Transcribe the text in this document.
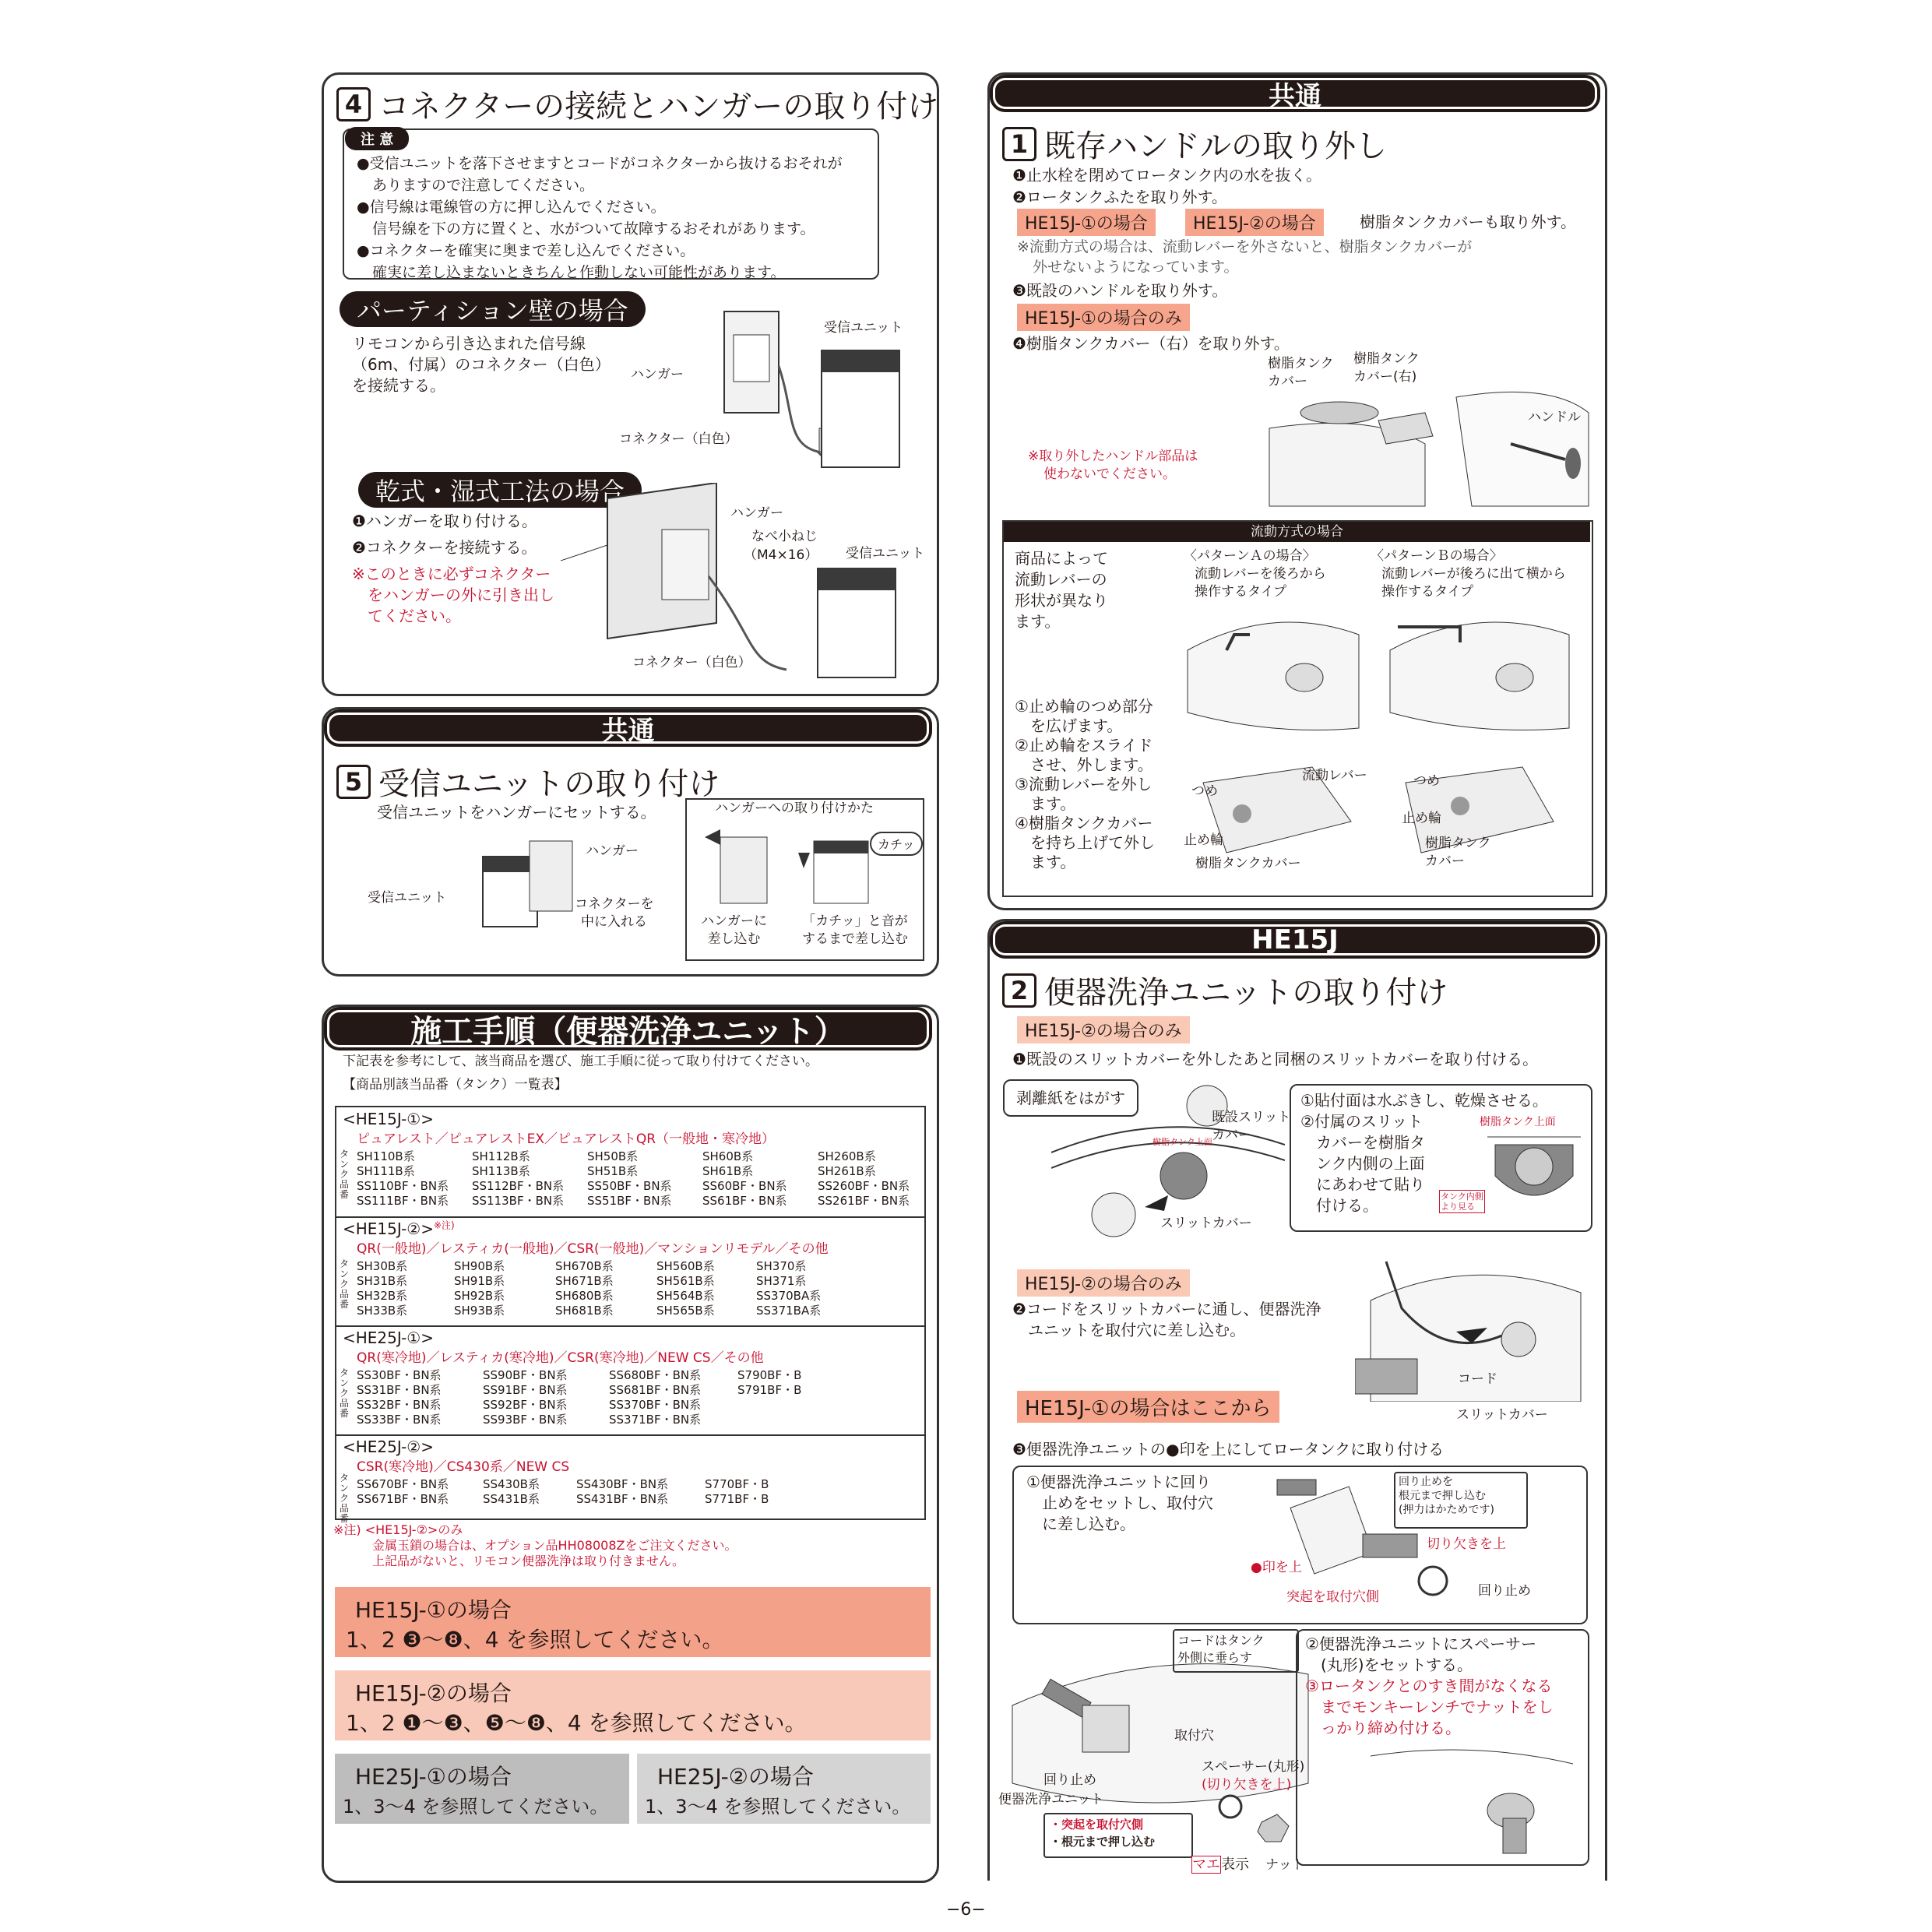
4 コネクターの接続とハンガーの取り付け
注 意
●受信ユニットを落下させますとコードがコネクターから抜けるおそれが
ありますので注意してください。
●信号線は電線管の方に押し込んでください。
信号線を下の方に置くと、水がついて故障するおそれがあります。
●コネクターを確実に奥まで差し込んでください。
確実に差し込まないときちんと作動しない可能性があります。
パーティション壁の場合
リモコンから引き込まれた信号線
（6m、付属）のコネクター（白色）
を接続する。
受信ユニット
ハンガー
コネクター（白色）
乾式・湿式工法の場合
❶ハンガーを取り付ける。
❷コネクターを接続する。
※このときに必ずコネクター
をハンガーの外に引き出し
てください。
ハンガー
なべ小ねじ
（M4×16） 受信ユニット
コネクター（白色）
共通
5 受信ユニットの取り付け
受信ユニットをハンガーにセットする。
ハンガー
受信ユニット	コネクターを
中に入れる
ハンガーへの取り付けかた
カチッ
ハンガーに
差し込む
「カチッ」と音が
するまで差し込む
施工手順（便器洗浄ユニット）
下記表を参考にして、該当商品を選び、施工手順に従って取り付けてください。
【商品別該当品番（タンク）一覧表】
<HE15J-①>
ピュアレスト／ピュアレストEX／ピュアレストQR（一般地・寒冷地）
タンク品番
SH110B系	SH112B系	SH50B系	SH60B系	SH260B系
SH111B系	SH113B系	SH51B系	SH61B系	SH261B系
SS110BF・BN系 SS112BF・BN系 SS50BF・BN系	SS60BF・BN系	SS260BF・BN系
SS111BF・BN系 SS113BF・BN系 SS51BF・BN系	SS61BF・BN系	SS261BF・BN系
<HE15J-②>$^{※注)}$
QR(一般地)／レスティカ(一般地)／CSR(一般地)／マンションリモデル／その他
タンク品番
SH30B系	SH90B系	SH670B系	SH560B系	SH370系
SH31B系	SH91B系	SH671B系	SH561B系	SH371系
SH32B系	SH92B系	SH680B系	SH564B系	SS370BA系
SH33B系	SH93B系	SH681B系	SH565B系	SS371BA系
<HE25J-①>
QR(寒冷地)／レスティカ(寒冷地)／CSR(寒冷地)／NEW CS／その他
タンク品番
SS30BF・BN系	SS90BF・BN系	SS680BF・BN系	S790BF・B
SS31BF・BN系	SS91BF・BN系	SS681BF・BN系	S791BF・B
SS32BF・BN系	SS92BF・BN系	SS370BF・BN系
SS33BF・BN系	SS93BF・BN系	SS371BF・BN系
<HE25J-②>
CSR(寒冷地)／CS430系／NEW CS
タンク品番
SS670BF・BN系	SS430B系	SS430BF・BN系	S770BF・B
SS671BF・BN系	SS431B系	SS431BF・BN系	S771BF・B
※注) <HE15J-②>のみ
金属玉鎖の場合は、オプション品HH08008Zをご注文ください。
上記品がないと、リモコン便器洗浄は取り付きません。
HE15J-①の場合
1、2 ❸～❽、4 を参照してください。
HE15J-②の場合
1、2 ❶～❸、❺～❽、4 を参照してください。
HE25J-①の場合
1、3～4 を参照してください。
HE25J-②の場合
1、3～4 を参照してください。
共通
1 既存ハンドルの取り外し
❶止水栓を閉めてロータンク内の水を抜く。
❷ロータンクふたを取り外す。
HE15J-①の場合	HE15J-②の場合	樹脂タンクカバーも取り外す。
※流動方式の場合は、流動レバーを外さないと、樹脂タンクカバーが
外せないようになっています。
❸既設のハンドルを取り外す。
HE15J-①の場合のみ
❹樹脂タンクカバー（右）を取り外す。
樹脂タンク
カバー
樹脂タンク
カバー(右)
ハンドル
※取り外したハンドル部品は
使わないでください。
流動方式の場合
商品によって
流動レバーの
形状が異なり
ます。
〈パターンＡの場合〉
流動レバーを後ろから
操作するタイプ
〈パターンＢの場合〉
流動レバーが後ろに出て横から
操作するタイプ
①止め輪のつめ部分
を広げます。
②止め輪をスライド
させ、外します。
③流動レバーを外し
ます。
④樹脂タンクカバー
を持ち上げて外し
ます。
流動レバー
つめ
止め輪
樹脂タンクカバー
つめ
止め輪
樹脂タンク
カバー
HE15J
2 便器洗浄ユニットの取り付け
HE15J-②の場合のみ
❶既設のスリットカバーを外したあと同梱のスリットカバーを取り付ける。
剥離紙をはがす
既設スリット
カバー
樹脂タンク上面
スリットカバー
①貼付面は水ぶきし、乾燥させる。
②付属のスリット
カバーを樹脂タ
ンク内側の上面
にあわせて貼り
付ける。
樹脂タンク上面
タンク内側
より見る
HE15J-②の場合のみ
❷コードをスリットカバーに通し、便器洗浄
ユニットを取付穴に差し込む。
コード
スリットカバー
HE15J-①の場合はここから
❸便器洗浄ユニットの●印を上にしてロータンクに取り付ける
①便器洗浄ユニットに回り
止めをセットし、取付穴
に差し込む。
回り止めを
根元まで押し込む
(押力はかためです)
切り欠きを上
●印を上
突起を取付穴側	回り止め
コードはタンク
外側に垂らす
②便器洗浄ユニットにスペーサー
(丸形)をセットする。
③ロータンクとのすき間がなくなる
までモンキーレンチでナットをし
っかり締め付ける。
取付穴
スペーサー(丸形)
(切り欠きを上)
回り止め
便器洗浄ユニット
・突起を取付穴側
・根元まで押し込む
マエ表示 ナット
−6−
